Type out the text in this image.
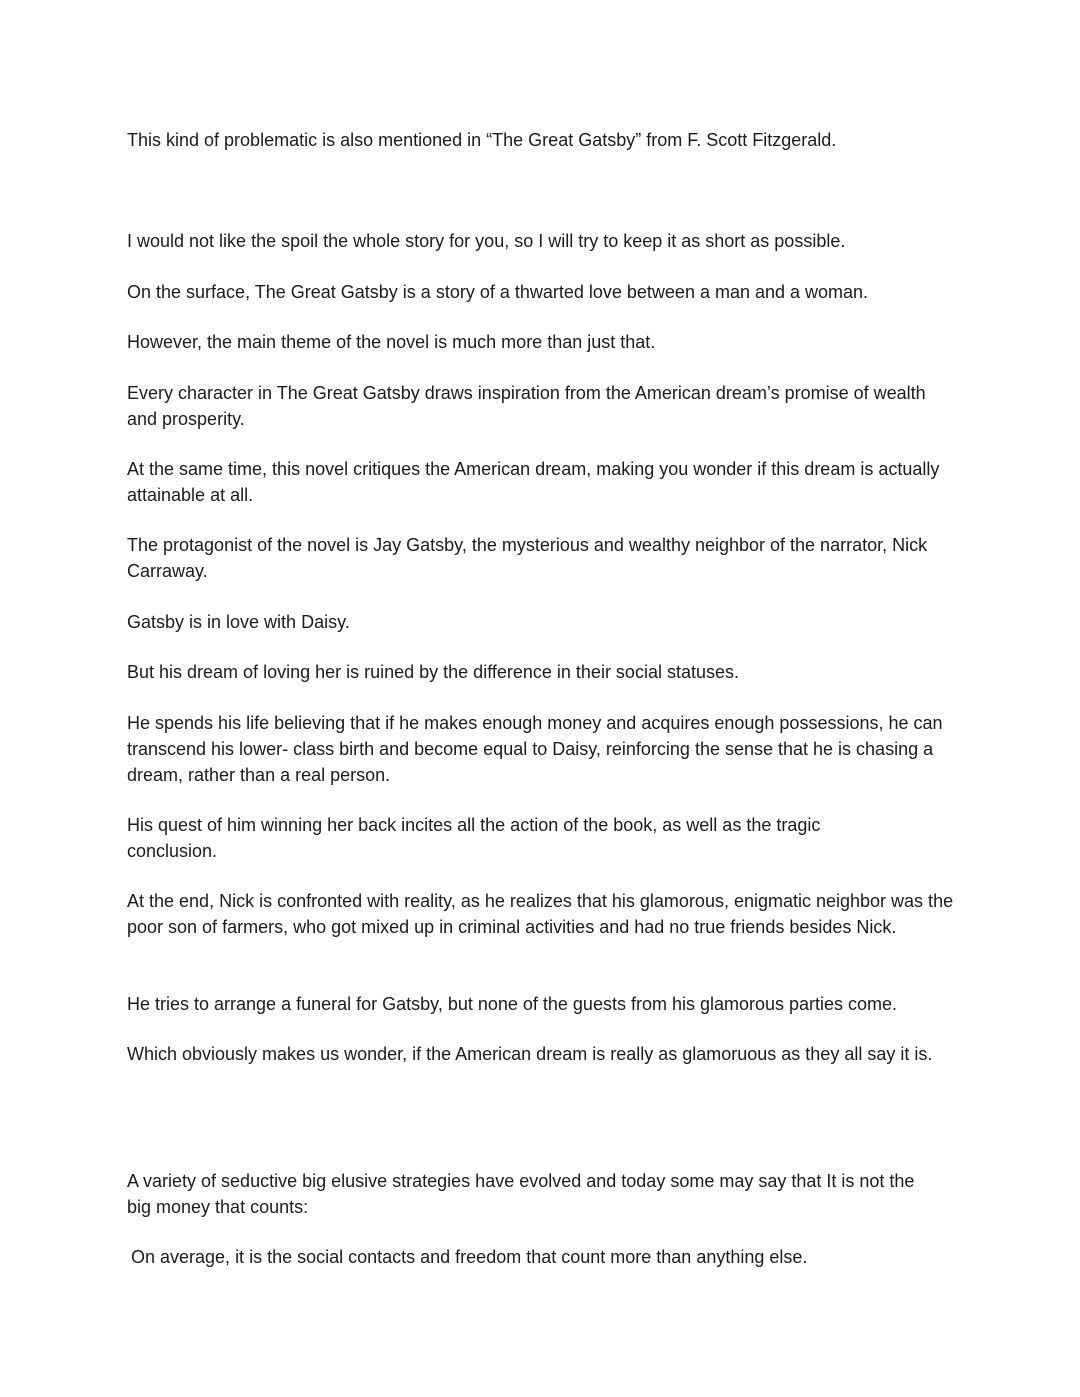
This kind of problematic is also mentioned in “The Great Gatsby” from F. Scott Fitzgerald.

I would not like the spoil the whole story for you, so I will try to keep it as short as possible.

On the surface, The Great Gatsby is a story of a thwarted love between a man and a woman.

However, the main theme of the novel is much more than just that.

Every character in The Great Gatsby draws inspiration from the American dream’s promise of wealth and prosperity.

At the same time, this novel critiques the American dream, making you wonder if this dream is actually attainable at all.

The protagonist of the novel is Jay Gatsby, the mysterious and wealthy neighbor of the narrator, Nick Carraway.

Gatsby is in love with Daisy.

But his dream of loving her is ruined by the difference in their social statuses.

He spends his life believing that if he makes enough money and acquires enough possessions, he can transcend his lower- class birth and become equal to Daisy, reinforcing the sense that he is chasing a dream, rather than a real person.

His quest of him winning her back incites all the action of the book, as well as the tragic conclusion.

At the end, Nick is confronted with reality, as he realizes that his glamorous, enigmatic neighbor was the poor son of farmers, who got mixed up in criminal activities and had no true friends besides Nick.

He tries to arrange a funeral for Gatsby, but none of the guests from his glamorous parties come.

Which obviously makes us wonder, if the American dream is really as glamoruous as they all say it is.

A variety of seductive big elusive strategies have evolved and today some may say that It is not the big money that counts:

On average, it is the social contacts and freedom that count more than anything else.
